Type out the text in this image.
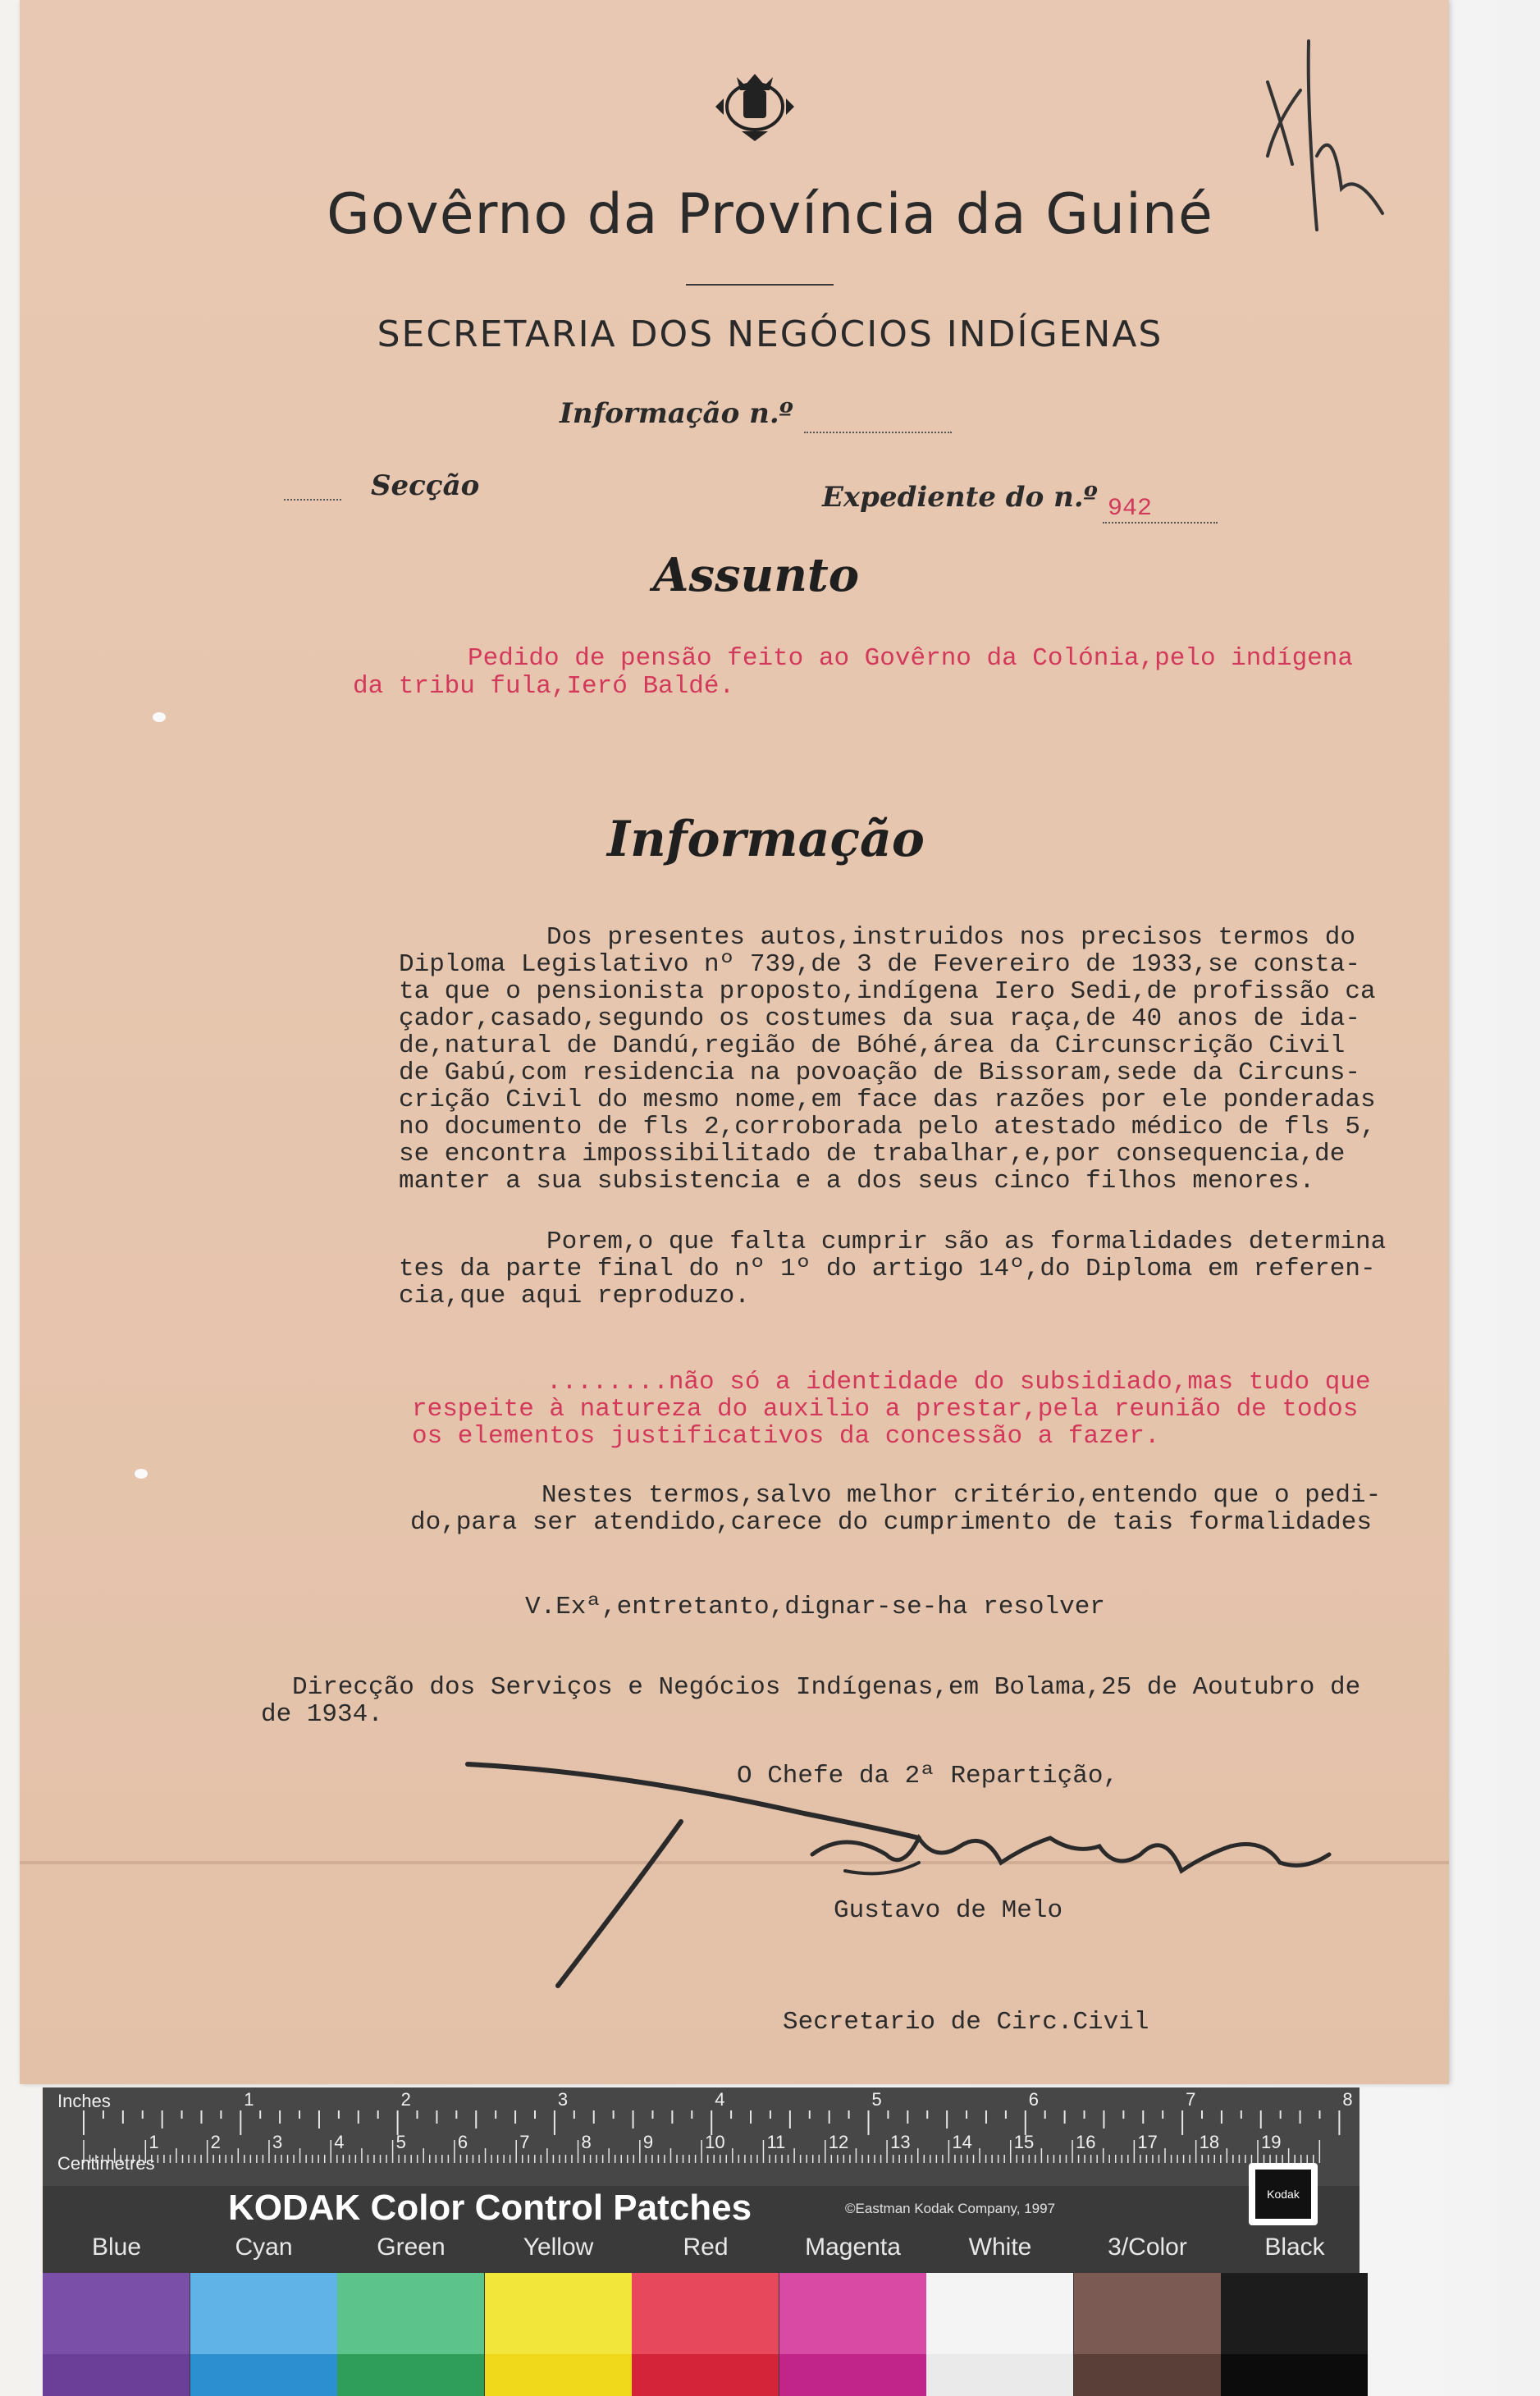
Govêrno da Província da Guiné
SECRETARIA DOS NEGÓCIOS INDÍGENAS
Informação n.º
Secção	Expediente do n.º 942
Assunto
Pedido de pensão feito ao Govêrno da Colónia,pelo indígena
da tribu fula,Ieró Baldé.
Informação
Dos presentes autos,instruidos nos precisos termos do
Diploma Legislativo nº 739,de 3 de Fevereiro de 1933,se consta-
ta que o pensionista proposto,indígena Iero Sedi,de profissão ca
çador,casado,segundo os costumes da sua raça,de 40 anos de ida-
de,natural de Dandú,região de Bóhé,área da Circunscrição Civil
de Gabú,com residencia na povoação de Bissoram,sede da Circuns-
crição Civil do mesmo nome,em face das razões por ele ponderadas
no documento de fls 2,corroborada pelo atestado médico de fls 5,
se encontra impossibilitado de trabalhar,e,por consequencia,de
manter a sua subsistencia e a dos seus cinco filhos menores.
Porem,o que falta cumprir são as formalidades determina
tes da parte final do nº 1º do artigo 14º,do Diploma em referen-
cia,que aqui reproduzo.
........não só a identidade do subsidiado,mas tudo que
respeite à natureza do auxilio a prestar,pela reunião de todos
os elementos justificativos da concessão a fazer.
Nestes termos,salvo melhor critério,entendo que o pedi-
do,para ser atendido,carece do cumprimento de tais formalidades
V.Exª,entretanto,dignar-se-ha resolver
Direcção dos Serviços e Negócios Indígenas,em Bolama,25 de Aoutubro de
de 1934.
O Chefe da 2ª Repartição,
Gustavo de Melo
Secretario de Circ.Civil
Inches
Centimetres
1	2	3	4	5	6	7	8
1	2	3	4	5	6	7	8	9	10 11 12 13 14 15 16 17 18 19
KODAK Color Control Patches	©Eastman Kodak Company, 1997
Kodak
Blue	Cyan	Green	Yellow	Red	Magenta	White	3/Color	Black
